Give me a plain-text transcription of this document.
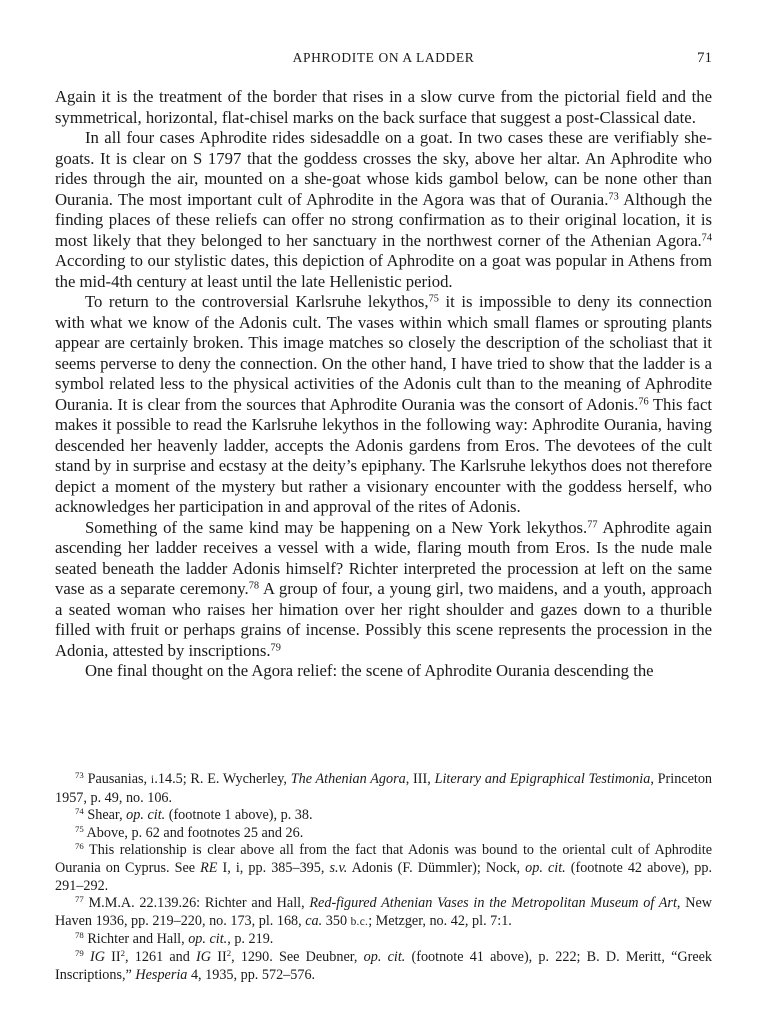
APHRODITE ON A LADDER	71

Again it is the treatment of the border that rises in a slow curve from the pictorial field and the symmetrical, horizontal, flat-chisel marks on the back surface that suggest a post-Classical date.

In all four cases Aphrodite rides sidesaddle on a goat. In two cases these are verifiably she-goats. It is clear on S 1797 that the goddess crosses the sky, above her altar. An Aphrodite who rides through the air, mounted on a she-goat whose kids gambol below, can be none other than Ourania. The most important cult of Aphrodite in the Agora was that of Ourania.$^{73}$ Although the finding places of these reliefs can offer no strong confirmation as to their original location, it is most likely that they belonged to her sanctuary in the northwest corner of the Athenian Agora.$^{74}$ According to our stylistic dates, this depiction of Aphrodite on a goat was popular in Athens from the mid-4th century at least until the late Hellenistic period.

To return to the controversial Karlsruhe lekythos,$^{75}$ it is impossible to deny its connection with what we know of the Adonis cult. The vases within which small flames or sprouting plants appear are certainly broken. This image matches so closely the description of the scholiast that it seems perverse to deny the connection. On the other hand, I have tried to show that the ladder is a symbol related less to the physical activities of the Adonis cult than to the meaning of Aphrodite Ourania. It is clear from the sources that Aphrodite Ourania was the consort of Adonis.$^{76}$ This fact makes it possible to read the Karlsruhe lekythos in the following way: Aphrodite Ourania, having descended her heavenly ladder, accepts the Adonis gardens from Eros. The devotees of the cult stand by in surprise and ecstasy at the deity’s epiphany. The Karlsruhe lekythos does not therefore depict a moment of the mystery but rather a visionary encounter with the goddess herself, who acknowledges her participation in and approval of the rites of Adonis.

Something of the same kind may be happening on a New York lekythos.$^{77}$ Aphrodite again ascending her ladder receives a vessel with a wide, flaring mouth from Eros. Is the nude male seated beneath the ladder Adonis himself? Richter interpreted the procession at left on the same vase as a separate ceremony.$^{78}$ A group of four, a young girl, two maidens, and a youth, approach a seated woman who raises her himation over her right shoulder and gazes down to a thurible filled with fruit or perhaps grains of incense. Possibly this scene represents the procession in the Adonia, attested by inscriptions.$^{79}$

One final thought on the Agora relief: the scene of Aphrodite Ourania descending the

$^{73}$ Pausanias, i.14.5; R. E. Wycherley, The Athenian Agora, III, Literary and Epigraphical Testimonia, Princeton 1957, p. 49, no. 106.

$^{74}$ Shear, op. cit. (footnote 1 above), p. 38.

$^{75}$ Above, p. 62 and footnotes 25 and 26.

$^{76}$ This relationship is clear above all from the fact that Adonis was bound to the oriental cult of Aphrodite Ourania on Cyprus. See RE I, i, pp. 385–395, s.v. Adonis (F. Dümmler); Nock, op. cit. (footnote 42 above), pp. 291–292.

$^{77}$ M.M.A. 22.139.26: Richter and Hall, Red-figured Athenian Vases in the Metropolitan Museum of Art, New Haven 1936, pp. 219–220, no. 173, pl. 168, ca. 350 b.c.; Metzger, no. 42, pl. 7:1.

$^{78}$ Richter and Hall, op. cit., p. 219.

$^{79}$ IG $II^2$, 1261 and IG $II^2$, 1290. See Deubner, op. cit. (footnote 41 above), p. 222; B. D. Meritt, “Greek Inscriptions,” Hesperia 4, 1935, pp. 572–576.
